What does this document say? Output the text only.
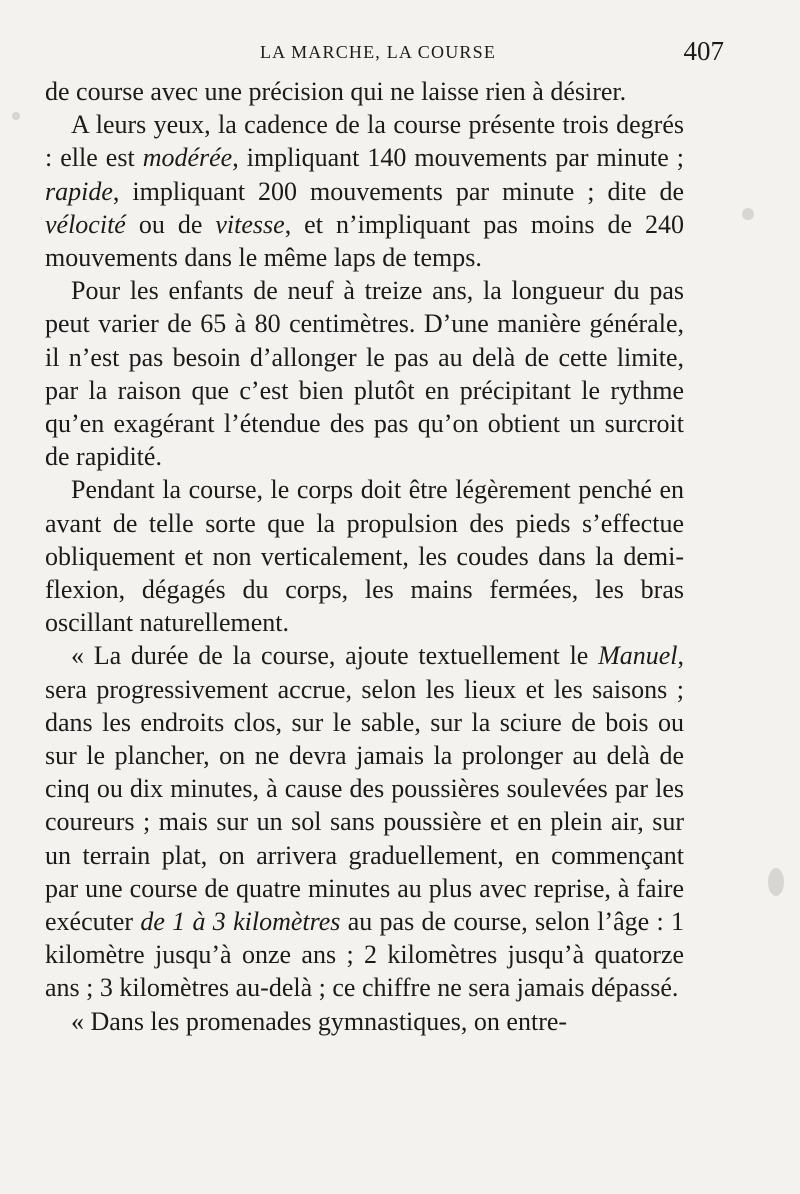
LA MARCHE, LA COURSE	407

de course avec une précision qui ne laisse rien à désirer.

A leurs yeux, la cadence de la course présente trois degrés : elle est modérée, impliquant 140 mouvements par minute ; rapide, impliquant 200 mouvements par minute ; dite de vélocité ou de vitesse, et n’impliquant pas moins de 240 mouvements dans le même laps de temps.

Pour les enfants de neuf à treize ans, la longueur du pas peut varier de 65 à 80 centimètres. D’une manière générale, il n’est pas besoin d’allonger le pas au delà de cette limite, par la raison que c’est bien plutôt en précipitant le rythme qu’en exagérant l’étendue des pas qu’on obtient un surcroit de rapidité.

Pendant la course, le corps doit être légèrement penché en avant de telle sorte que la propulsion des pieds s’effectue obliquement et non verticalement, les coudes dans la demi-flexion, dégagés du corps, les mains fermées, les bras oscillant naturellement.

« La durée de la course, ajoute textuellement le Manuel, sera progressivement accrue, selon les lieux et les saisons ; dans les endroits clos, sur le sable, sur la sciure de bois ou sur le plancher, on ne devra jamais la prolonger au delà de cinq ou dix minutes, à cause des poussières soulevées par les coureurs ; mais sur un sol sans poussière et en plein air, sur un terrain plat, on arrivera graduellement, en commençant par une course de quatre minutes au plus avec reprise, à faire exécuter de 1 à 3 kilomètres au pas de course, selon l’âge : 1 kilomètre jusqu’à onze ans ; 2 kilomètres jusqu’à quatorze ans ; 3 kilomètres au-delà ; ce chiffre ne sera jamais dépassé.

« Dans les promenades gymnastiques, on entre-
